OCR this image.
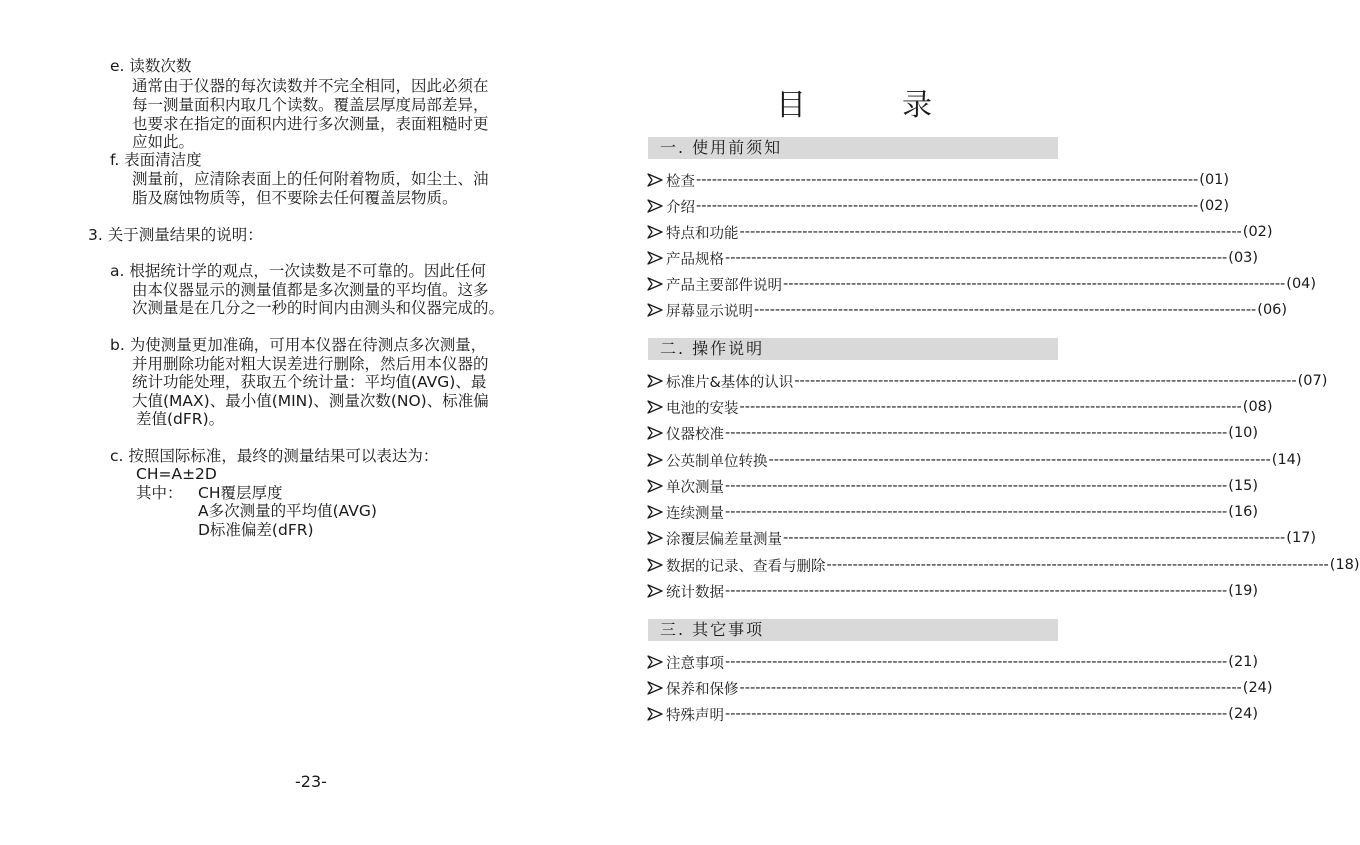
e. 读数次数
通常由于仪器的每次读数并不完全相同，因此必须在
每一测量面积内取几个读数。覆盖层厚度局部差异，
也要求在指定的面积内进行多次测量，表面粗糙时更
应如此。
f. 表面清洁度
测量前，应清除表面上的任何附着物质，如尘土、油
脂及腐蚀物质等，但不要除去任何覆盖层物质。
3. 关于测量结果的说明：
a. 根据统计学的观点，一次读数是不可靠的。因此任何
由本仪器显示的测量值都是多次测量的平均值。这多
次测量是在几分之一秒的时间内由测头和仪器完成的。
b. 为使测量更加准确，可用本仪器在待测点多次测量，
并用删除功能对粗大误差进行删除，然后用本仪器的
统计功能处理，获取五个统计量：平均值(AVG)、最
大值(MAX)、最小值(MIN)、测量次数(NO)、标准偏
差值(dFR)。
c. 按照国际标准，最终的测量结果可以表达为：
CH=A±2D
其中： CH覆层厚度
A多次测量的平均值(AVG)
D标准偏差(dFR)
-23-
目	录
一. 使用前须知
二. 操作说明
三. 其它事项
检查 ------------------------------------------------------------------------------------------------ (01)
介绍 ------------------------------------------------------------------------------------------------ (02)
特点和功能 ------------------------------------------------------------------------------------------------ (02)
产品规格 ------------------------------------------------------------------------------------------------ (03)
产品主要部件说明 ------------------------------------------------------------------------------------------------ (04)
屏幕显示说明 ------------------------------------------------------------------------------------------------ (06)
标准片&基体的认识 ------------------------------------------------------------------------------------------------ (07)
电池的安装 ------------------------------------------------------------------------------------------------ (08)
仪器校准 ------------------------------------------------------------------------------------------------ (10)
公英制单位转换 ------------------------------------------------------------------------------------------------ (14)
单次测量 ------------------------------------------------------------------------------------------------ (15)
连续测量 ------------------------------------------------------------------------------------------------ (16)
涂覆层偏差量测量 ------------------------------------------------------------------------------------------------ (17)
数据的记录、查看与删除 ------------------------------------------------------------------------------------------------ (18)
统计数据 ------------------------------------------------------------------------------------------------ (19)
注意事项 ------------------------------------------------------------------------------------------------ (21)
保养和保修 ------------------------------------------------------------------------------------------------ (24)
特殊声明 ------------------------------------------------------------------------------------------------ (24)
